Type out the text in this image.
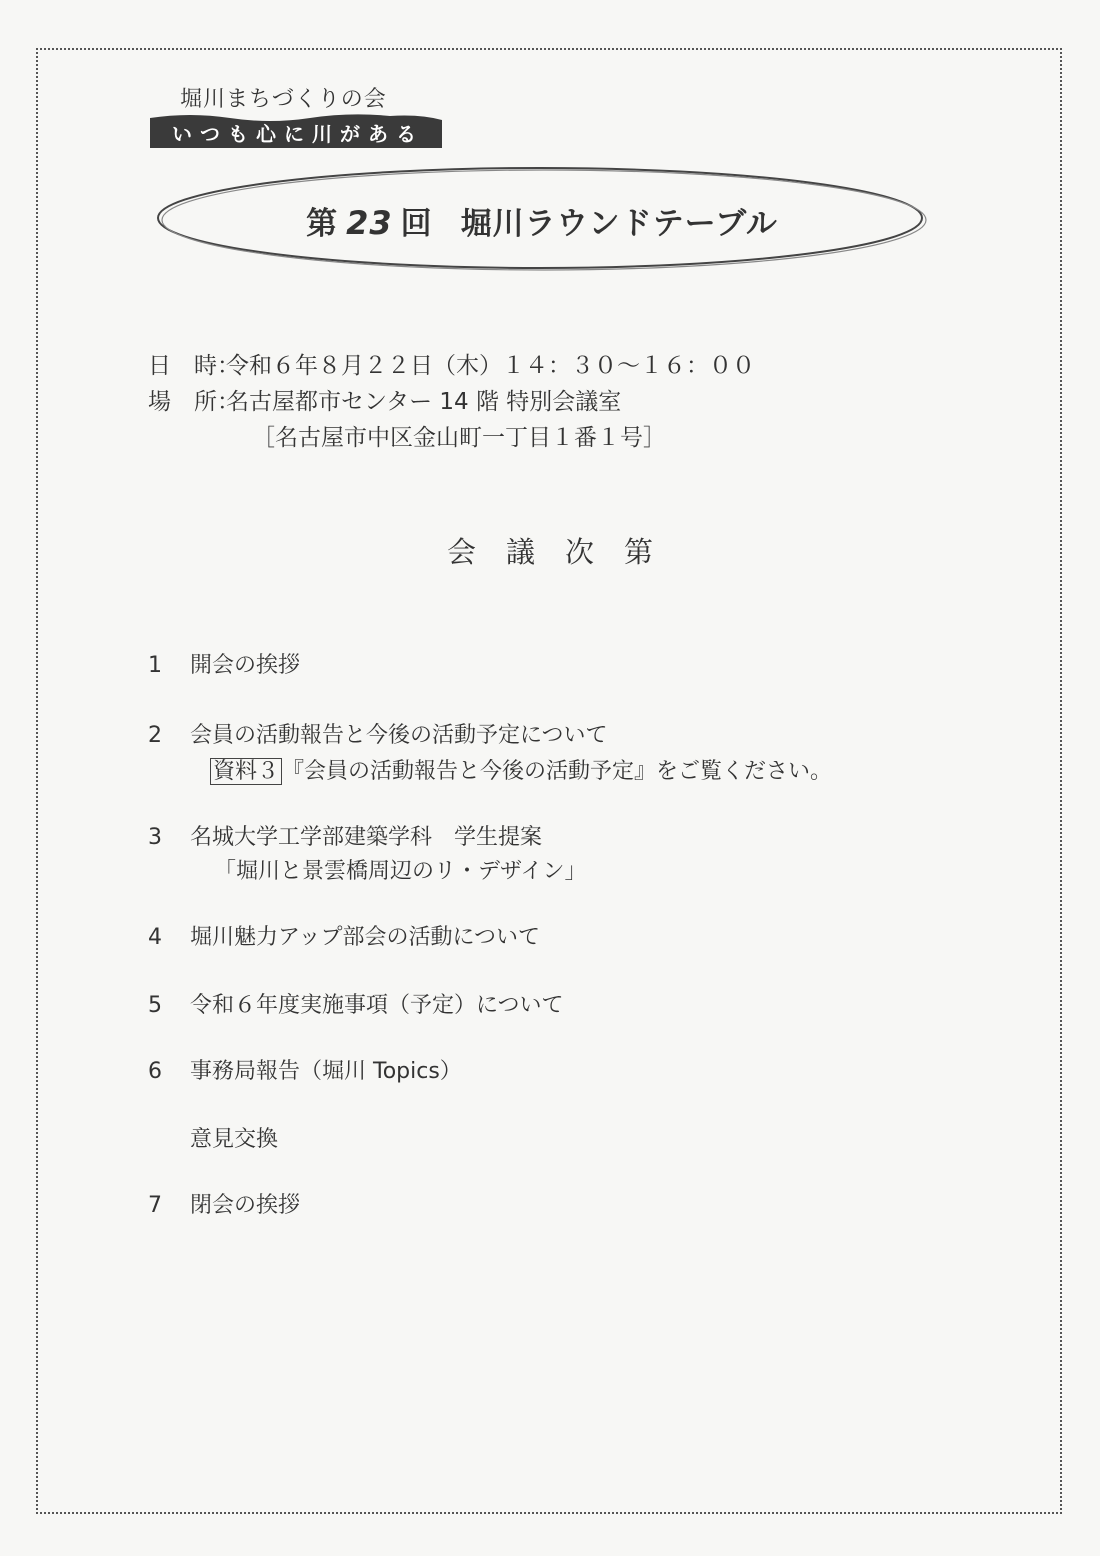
堀川まちづくりの会
いつも心に川がある
第 23 回 堀川ラウンドテーブル
日　時：令和６年８月２２日（木）１４：３０～１６：００
場　所：名古屋都市センター 14 階 特別会議室
［名古屋市中区金山町一丁目１番１号］
会議次第
1 開会の挨拶
2 会員の活動報告と今後の活動予定について
資料３ 『会員の活動報告と今後の活動予定』をご覧ください。
3 名城大学工学部建築学科　学生提案
「堀川と景雲橋周辺のリ・デザイン」
4 堀川魅力アップ部会の活動について
5 令和６年度実施事項（予定）について
6 事務局報告（堀川 Topics）
意見交換
7 閉会の挨拶
